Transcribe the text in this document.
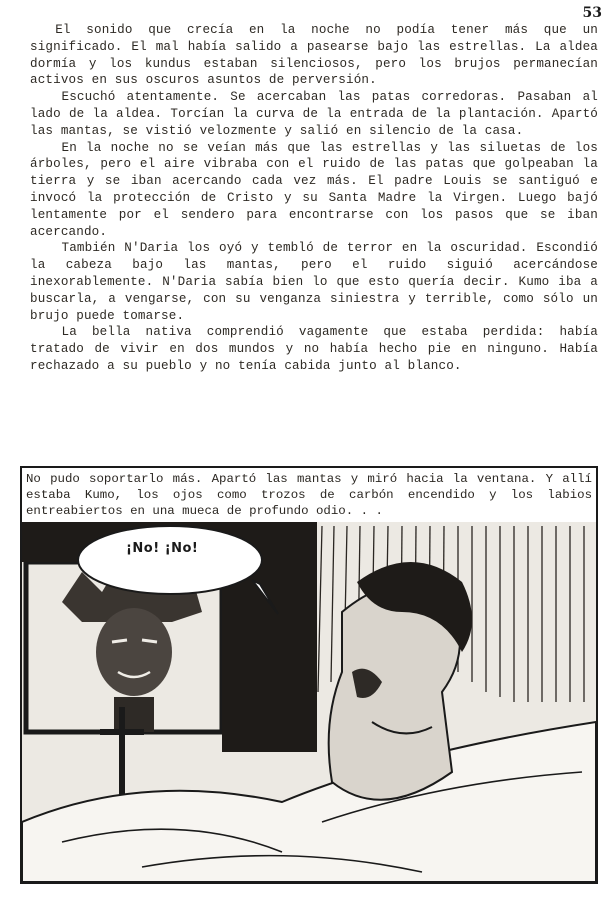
53

El sonido que crecía en la noche no podía tener más que un significado. El mal había salido a pasearse bajo las estrellas. La aldea dormía y los kundus estaban silenciosos, pero los brujos permanecían activos en sus oscuros asuntos de perversión.

Escuchó atentamente. Se acercaban las patas corredoras. Pasaban al lado de la aldea. Torcían la curva de la entrada de la plantación. Apartó las mantas, se vistió velozmente y salió en silencio de la casa.

En la noche no se veían más que las estrellas y las siluetas de los árboles, pero el aire vibraba con el ruido de las patas que golpeaban la tierra y se iban acercando cada vez más. El padre Louis se santiguó e invocó la protección de Cristo y su Santa Madre la Virgen. Luego bajó lentamente por el sendero para encontrarse con los pasos que se iban acercando.

También N'Daria los oyó y tembló de terror en la oscuridad. Escondió la cabeza bajo las mantas, pero el ruido siguió acercándose inexorablemente. N'Daria sabía bien lo que esto quería decir. Kumo iba a buscarla, a vengarse, con su venganza siniestra y terrible, como sólo un brujo puede tomarse.

La bella nativa comprendió vagamente que estaba perdida: había tratado de vivir en dos mundos y no había hecho pie en ninguno. Había rechazado a su pueblo y no tenía cabida junto al blanco.

No pudo soportarlo más. Apartó las mantas y miró hacia la ventana. Y allí estaba Kumo, los ojos como trozos de carbón encendido y los labios entreabiertos en una mueca de profundo odio. . .
¡No! ¡No!
